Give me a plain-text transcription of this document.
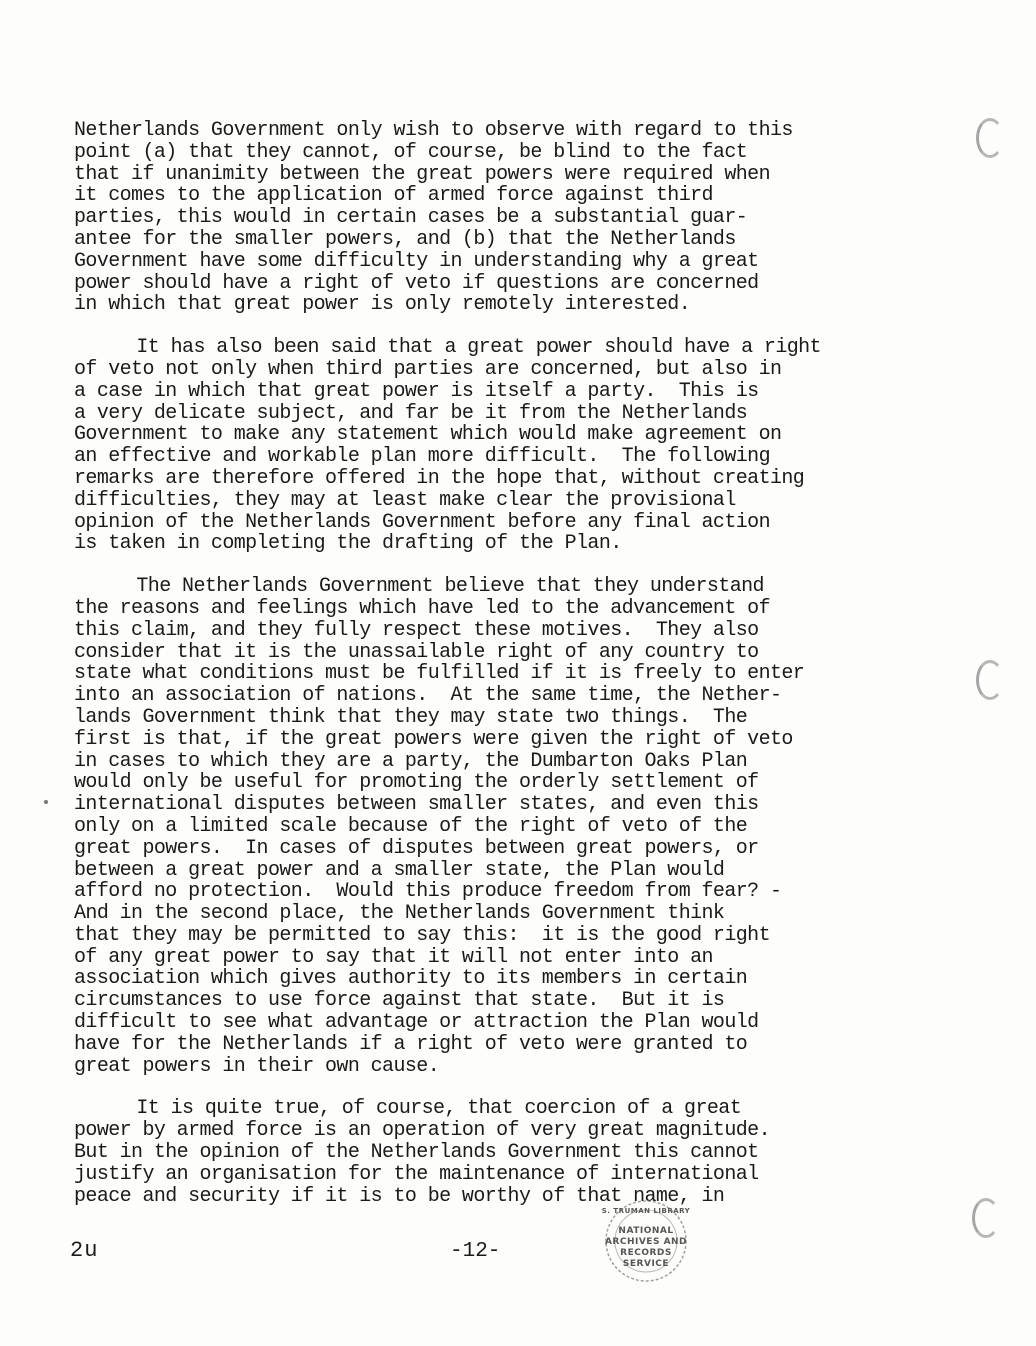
Netherlands Government only wish to observe with regard to this
point (a) that they cannot, of course, be blind to the fact
that if unanimity between the great powers were required when
it comes to the application of armed force against third
parties, this would in certain cases be a substantial guar-
antee for the smaller powers, and (b) that the Netherlands
Government have some difficulty in understanding why a great
power should have a right of veto if questions are concerned
in which that great power is only remotely interested.
It has also been said that a great power should have a right
of veto not only when third parties are concerned, but also in
a case in which that great power is itself a party.  This is
a very delicate subject, and far be it from the Netherlands
Government to make any statement which would make agreement on
an effective and workable plan more difficult.  The following
remarks are therefore offered in the hope that, without creating
difficulties, they may at least make clear the provisional
opinion of the Netherlands Government before any final action
is taken in completing the drafting of the Plan.
The Netherlands Government believe that they understand
the reasons and feelings which have led to the advancement of
this claim, and they fully respect these motives.  They also
consider that it is the unassailable right of any country to
state what conditions must be fulfilled if it is freely to enter
into an association of nations.  At the same time, the Nether-
lands Government think that they may state two things.  The
first is that, if the great powers were given the right of veto
in cases to which they are a party, the Dumbarton Oaks Plan
would only be useful for promoting the orderly settlement of
international disputes between smaller states, and even this
only on a limited scale because of the right of veto of the
great powers.  In cases of disputes between great powers, or
between a great power and a smaller state, the Plan would
afford no protection.  Would this produce freedom from fear? -
And in the second place, the Netherlands Government think
that they may be permitted to say this:  it is the good right
of any great power to say that it will not enter into an
association which gives authority to its members in certain
circumstances to use force against that state.  But it is
difficult to see what advantage or attraction the Plan would
have for the Netherlands if a right of veto were granted to
great powers in their own cause.
It is quite true, of course, that coercion of a great
power by armed force is an operation of very great magnitude.
But in the opinion of the Netherlands Government this cannot
justify an organisation for the maintenance of international
peace and security if it is to be worthy of that name, in
2u	-12-
S. TRUMAN LIBRARY
NATIONAL
ARCHIVES AND
RECORDS
SERVICE
